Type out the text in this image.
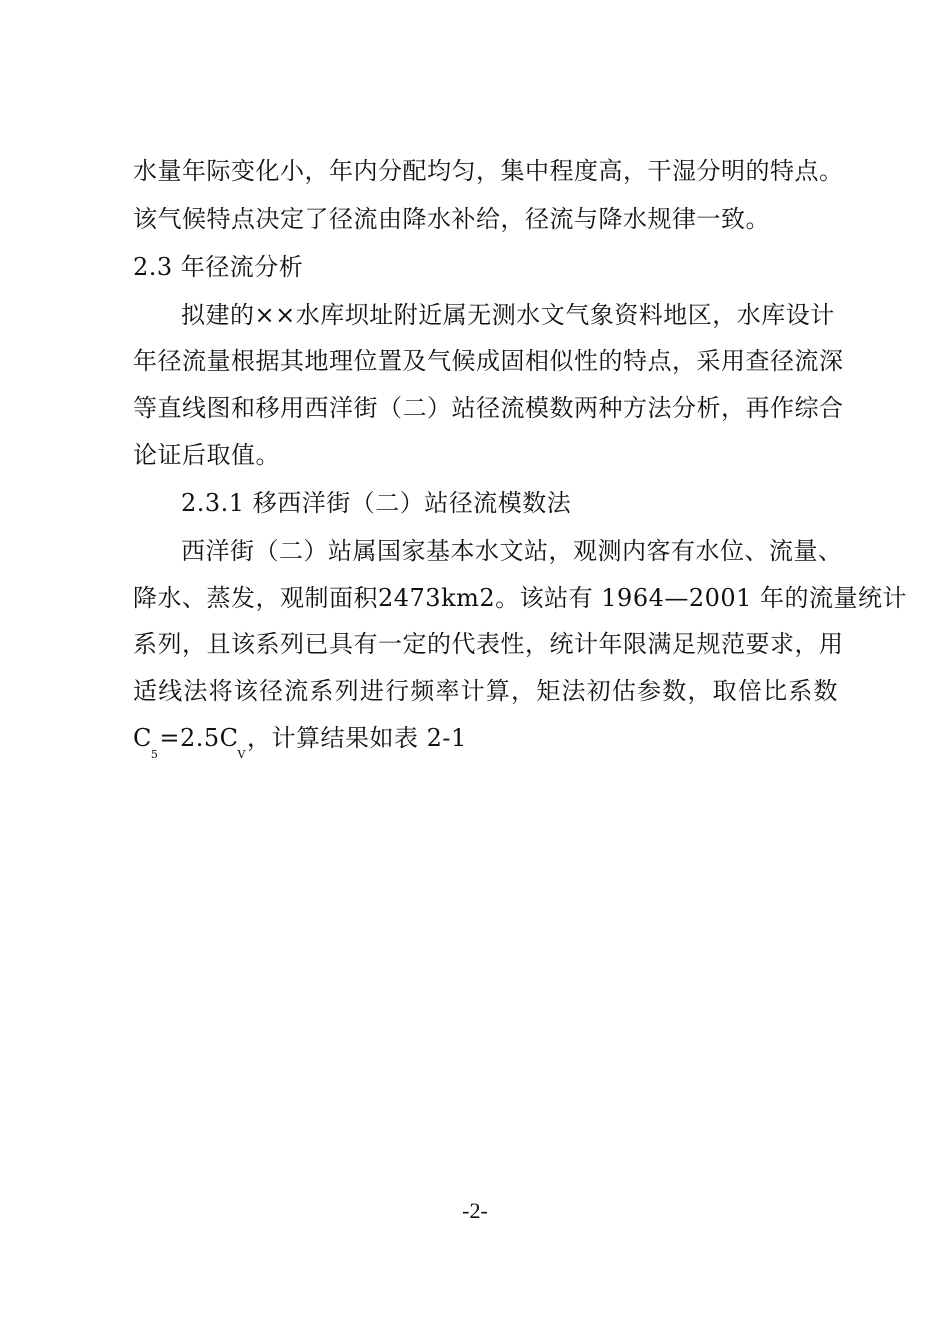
水量年际变化小，年内分配均匀，集中程度高，干湿分明的特点。
该气候特点决定了径流由降水补给，径流与降水规律一致。
2.3 年径流分析
拟建的××水库坝址附近属无测水文气象资料地区，水库设计
年径流量根据其地理位置及气候成固相似性的特点，采用查径流深
等直线图和移用西洋街（二）站径流模数两种方法分析，再作综合
论证后取值。
2.3.1 移西洋街（二）站径流模数法
西洋街（二）站属国家基本水文站，观测内客有水位、流量、
降水、蒸发，观制面积2473km2。该站有 1964—2001 年的流量统计
系列，且该系列已具有一定的代表性，统计年限满足规范要求，用
适线法将该径流系列进行频率计算，矩法初估参数，取倍比系数
$C_5=2.5C_V$，计算结果如表 2-1
-2-
